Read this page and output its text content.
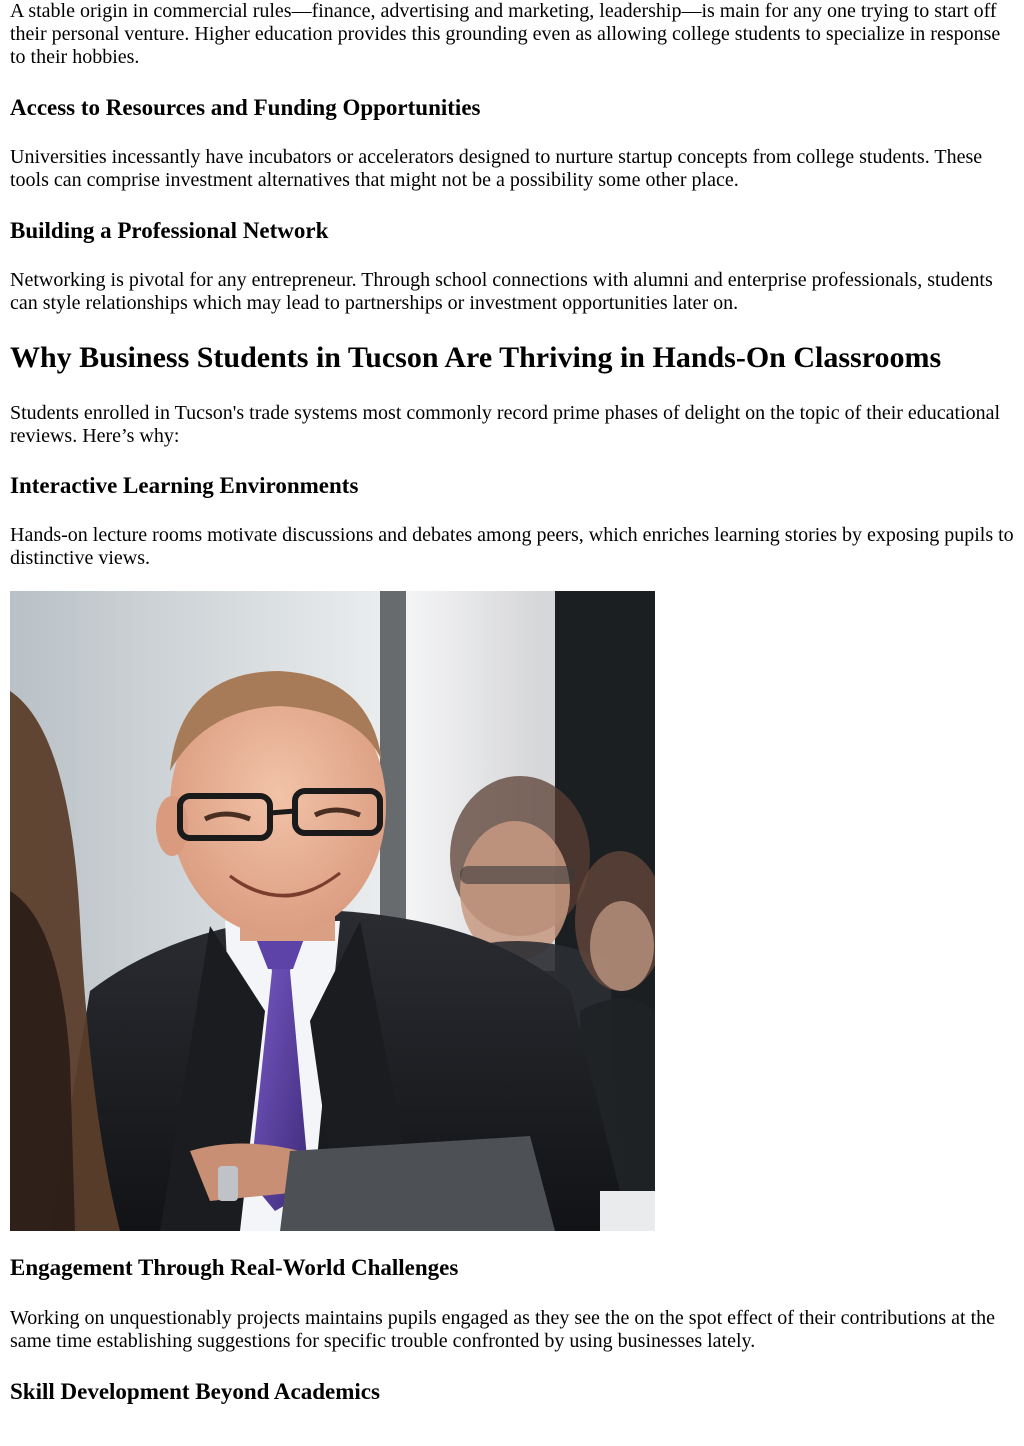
A stable origin in commercial rules—finance, advertising and marketing, leadership—is main for any one trying to start off their personal venture. Higher education provides this grounding even as allowing college students to specialize in response to their hobbies.

Access to Resources and Funding Opportunities

Universities incessantly have incubators or accelerators designed to nurture startup concepts from college students. These tools can comprise investment alternatives that might not be a possibility some other place.

Building a Professional Network

Networking is pivotal for any entrepreneur. Through school connections with alumni and enterprise professionals, students can style relationships which may lead to partnerships or investment opportunities later on.

Why Business Students in Tucson Are Thriving in Hands-On Classrooms

Students enrolled in Tucson's trade systems most commonly record prime phases of delight on the topic of their educational reviews. Here’s why:

Interactive Learning Environments

Hands-on lecture rooms motivate discussions and debates among peers, which enriches learning stories by exposing pupils to distinctive views.

Engagement Through Real-World Challenges

Working on unquestionably projects maintains pupils engaged as they see the on the spot effect of their contributions at the same time establishing suggestions for specific trouble confronted by using businesses lately.

Skill Development Beyond Academics
